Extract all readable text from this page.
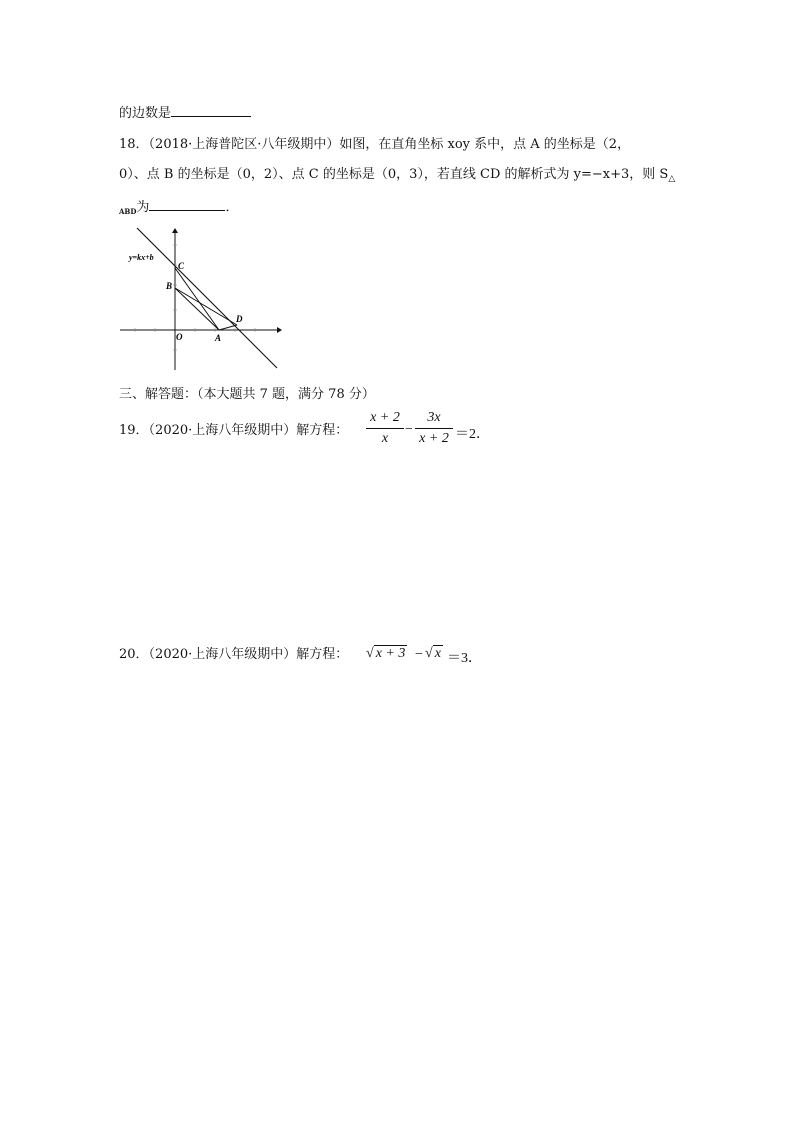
的边数是
18．（2018·上海普陀区·八年级期中）如图，在直角坐标 xoy 系中，点 A 的坐标是（2，
0）、点 B 的坐标是（0，2）、点 C 的坐标是（0，3），若直线 CD 的解析式为 y=−x+3，则 $S_\triangle$
$_{ABD}$为	．
y=kx+b
C
B
O	A
D
三、解答题：（本大题共 7 题，满分 78 分）
19．（2020·上海八年级期中）解方程：
x + 2
x
−
3x
x + 2 ＝2．
20．（2020·上海八年级期中）解方程： √ x + 3 − √ x ＝3．
